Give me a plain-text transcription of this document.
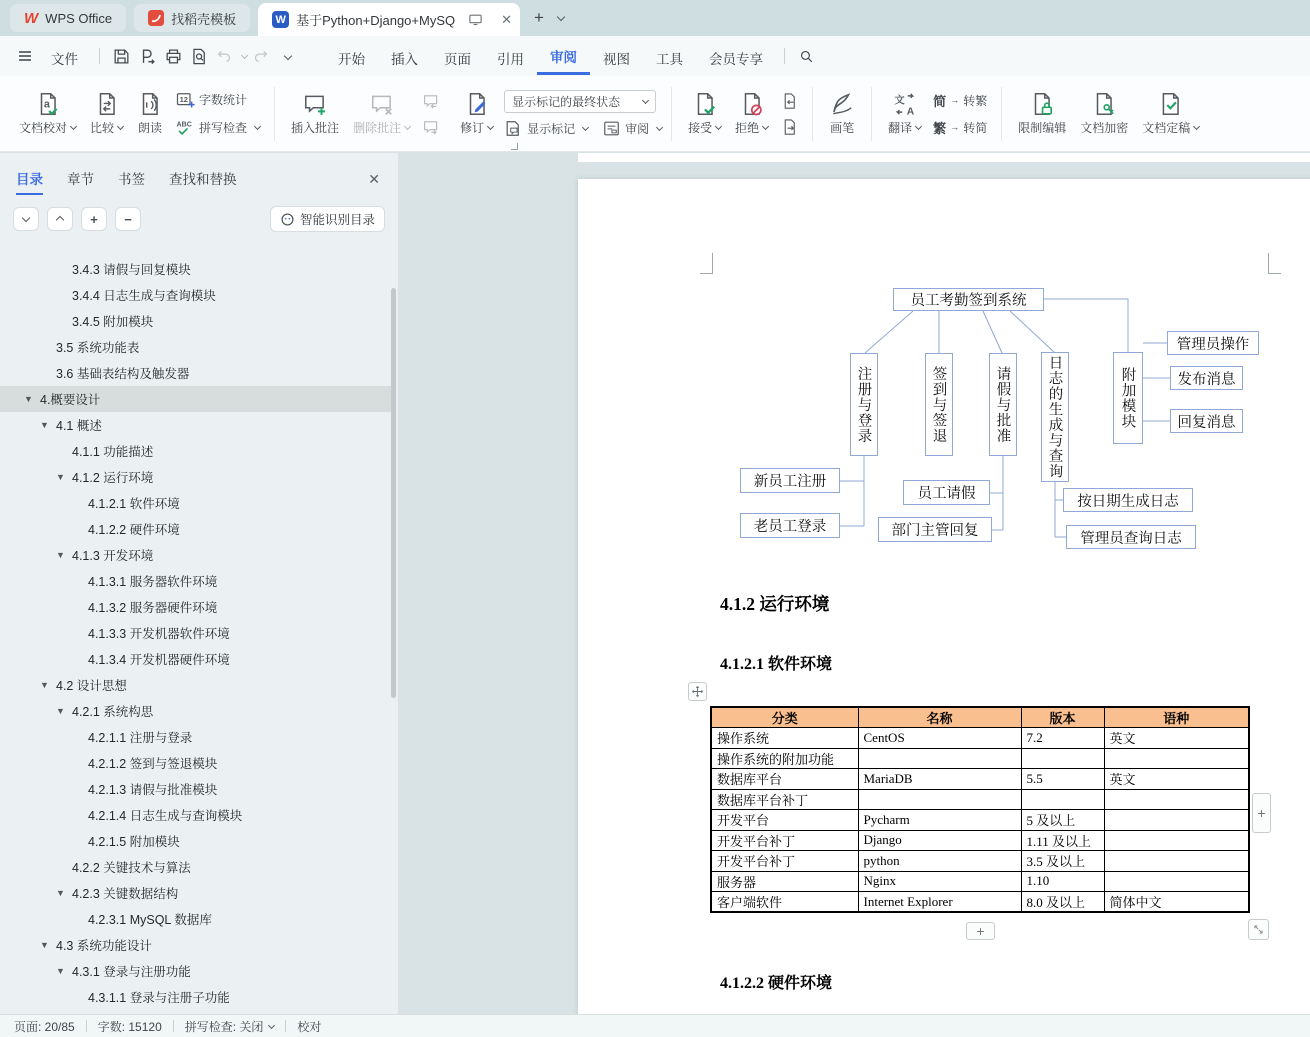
W WPS Office	找稻壳模板	W 基于Python+Django+MySQ	✕ +
文件	开始	插入	页面	引用	审阅	视图	工具	会员专享
a
文档校对 比较 朗读
12 字数统计
ABC 拼写检查	插入批注 删除批注	修订
显示标记的最终状态
显示标记	审阅	接受 拒绝	画笔
文
A
翻译
简 → 转繁
繁 → 转简	限制编辑 文档加密 文档定稿
目录 章节 书签 查找和替换	✕
+	−	智能识别目录
3.4.3 请假与回复模块
3.4.4 日志生成与查询模块
3.4.5 附加模块
3.5 系统功能表
3.6 基础表结构及触发器
▼ 4.概要设计
▼ 4.1 概述
4.1.1 功能描述
▼ 4.1.2 运行环境
4.1.2.1 软件环境
4.1.2.2 硬件环境
▼ 4.1.3 开发环境
4.1.3.1 服务器软件环境
4.1.3.2 服务器硬件环境
4.1.3.3 开发机器软件环境
4.1.3.4 开发机器硬件环境
▼ 4.2 设计思想
▼ 4.2.1 系统构思
4.2.1.1 注册与登录
4.2.1.2 签到与签退模块
4.2.1.3 请假与批准模块
4.2.1.4 日志生成与查询模块
4.2.1.5 附加模块
4.2.2 关键技术与算法
▼ 4.2.3 关键数据结构
4.2.3.1 MySQL 数据库
▼ 4.3 系统功能设计
▼ 4.3.1 登录与注册功能
4.3.1.1 登录与注册子功能
员工考勤签到系统
注册与登录	签到与签退	请假与批准	日志的生成与查询	附加模块
管理员操作
发布消息
回复消息
新员工注册
老员工登录
员工请假
部门主管回复
按日期生成日志
管理员查询日志
4.1.2 运行环境
4.1.2.1 软件环境
4.1.2.2 硬件环境
分类	名称	版本	语种
操作系统	CentOS	7.2	英文
操作系统的附加功能			
数据库平台	MariaDB	5.5	英文
数据库平台补丁			
开发平台	Pycharm	5 及以上	
开发平台补丁	Django	1.11 及以上	
开发平台补丁	python	3.5 及以上	
服务器	Nginx	1.10	
客户端软件	Internet Explorer	8.0 及以上	简体中文
+
+
页面: 20/85 字数: 15120 拼写检查: 关闭	校对
